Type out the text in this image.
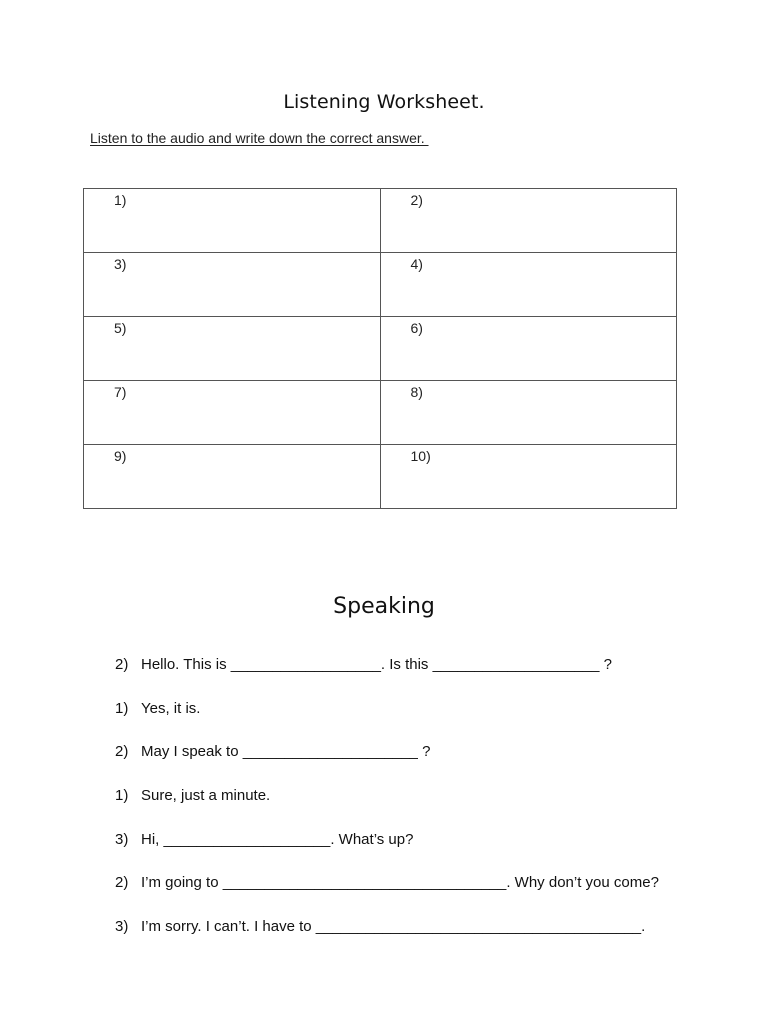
Listening Worksheet.
Listen to the audio and write down the correct answer.
1)	2)
3)	4)
5)	6)
7)	8)
9)	10)
Speaking
2) Hello. This is __________________. Is this ____________________ ?
1) Yes, it is.
2) May I speak to _____________________ ?
1) Sure, just a minute.
3) Hi, ____________________. What’s up?
2) I’m going to __________________________________. Why don’t you come?
3) I’m sorry. I can’t. I have to _______________________________________.
